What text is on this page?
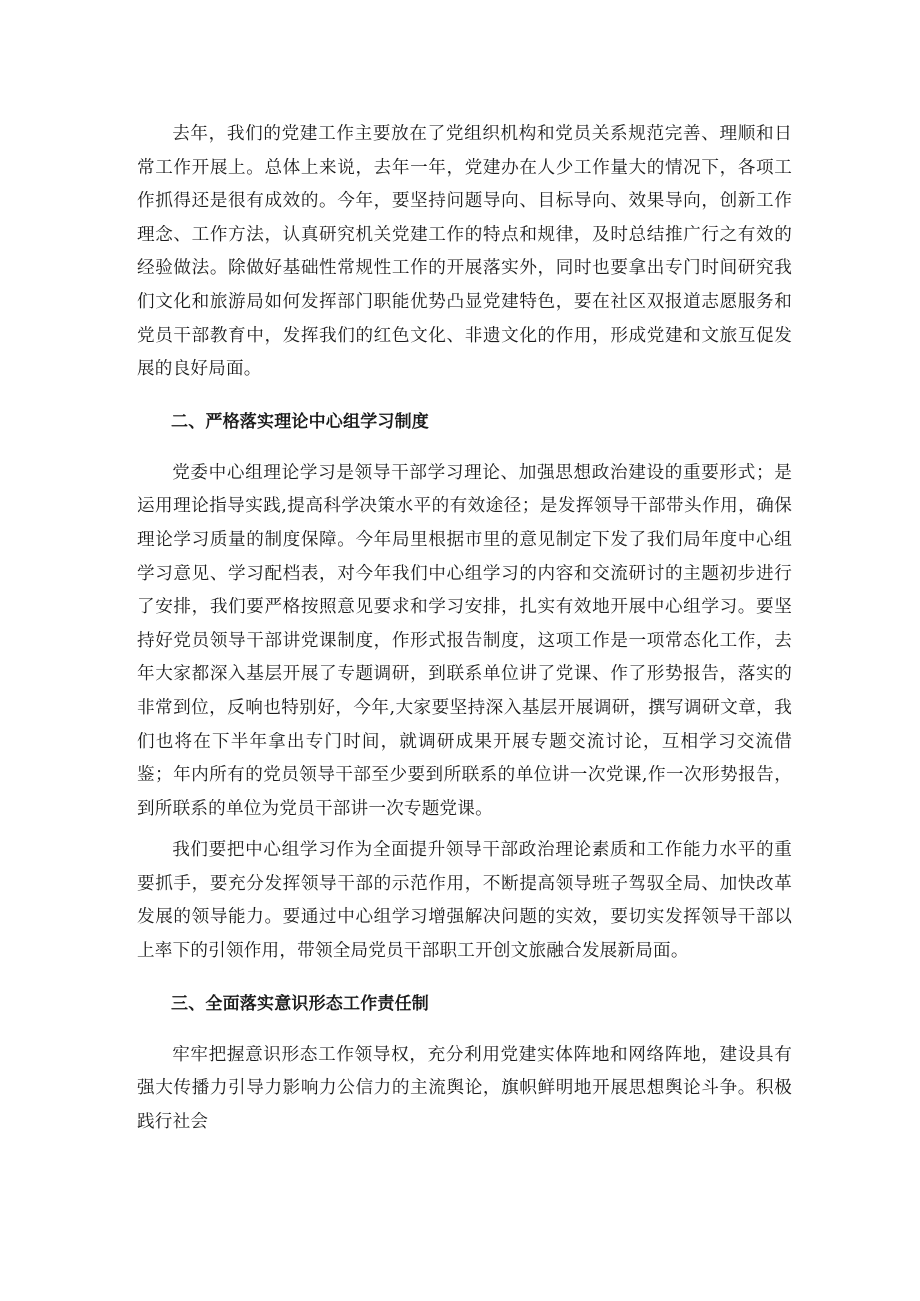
去年，我们的党建工作主要放在了党组织机构和党员关系规范完善、理顺和日常工作开展上。总体上来说，去年一年，党建办在人少工作量大的情况下，各项工作抓得还是很有成效的。今年，要坚持问题导向、目标导向、效果导向，创新工作理念、工作方法，认真研究机关党建工作的特点和规律，及时总结推广行之有效的经验做法。除做好基础性常规性工作的开展落实外，同时也要拿出专门时间研究我们文化和旅游局如何发挥部门职能优势凸显党建特色，要在社区双报道志愿服务和党员干部教育中，发挥我们的红色文化、非遗文化的作用，形成党建和文旅互促发展的良好局面。

二、严格落实理论中心组学习制度

党委中心组理论学习是领导干部学习理论、加强思想政治建设的重要形式；是运用理论指导实践,提高科学决策水平的有效途径；是发挥领导干部带头作用，确保理论学习质量的制度保障。今年局里根据市里的意见制定下发了我们局年度中心组学习意见、学习配档表，对今年我们中心组学习的内容和交流研讨的主题初步进行了安排，我们要严格按照意见要求和学习安排，扎实有效地开展中心组学习。要坚持好党员领导干部讲党课制度，作形式报告制度，这项工作是一项常态化工作，去年大家都深入基层开展了专题调研，到联系单位讲了党课、作了形势报告，落实的非常到位，反响也特别好，今年,大家要坚持深入基层开展调研，撰写调研文章，我们也将在下半年拿出专门时间，就调研成果开展专题交流讨论，互相学习交流借鉴；年内所有的党员领导干部至少要到所联系的单位讲一次党课,作一次形势报告，到所联系的单位为党员干部讲一次专题党课。

我们要把中心组学习作为全面提升领导干部政治理论素质和工作能力水平的重要抓手，要充分发挥领导干部的示范作用，不断提高领导班子驾驭全局、加快改革发展的领导能力。要通过中心组学习增强解决问题的实效，要切实发挥领导干部以上率下的引领作用，带领全局党员干部职工开创文旅融合发展新局面。

三、全面落实意识形态工作责任制

牢牢把握意识形态工作领导权，充分利用党建实体阵地和网络阵地，建设具有强大传播力引导力影响力公信力的主流舆论，旗帜鲜明地开展思想舆论斗争。积极践行社会
